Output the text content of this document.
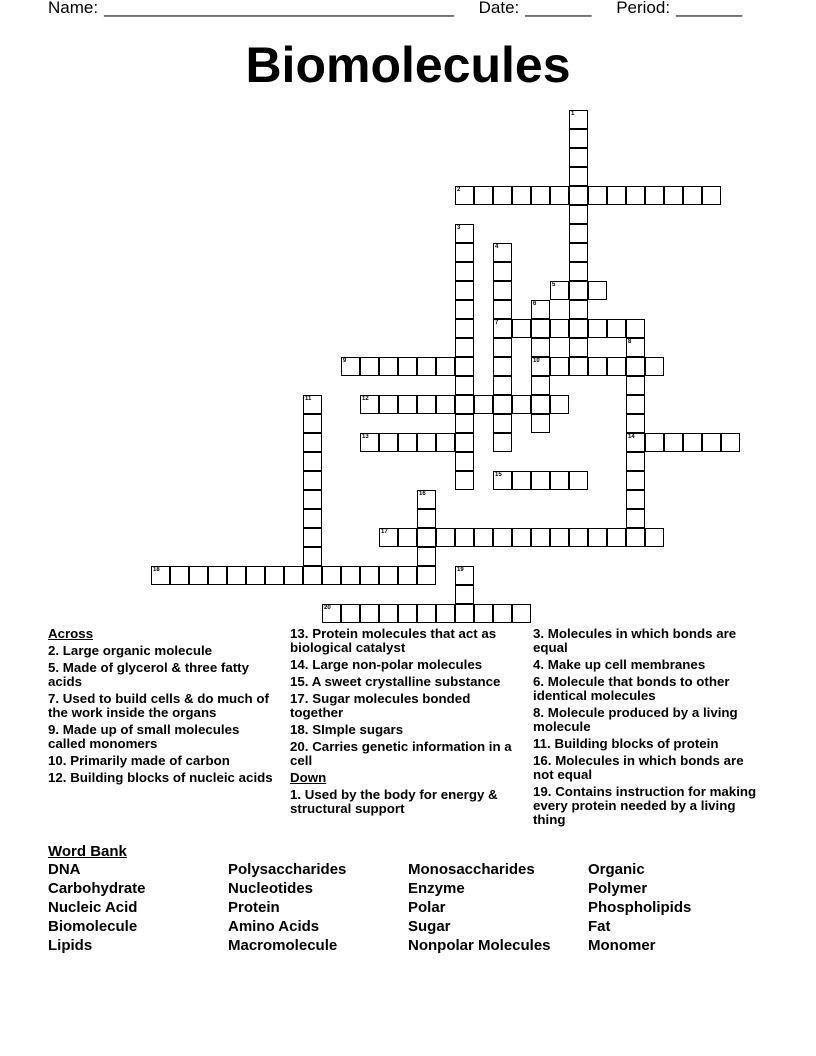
Name: _____________________________________ Date: _______ Period: _______
Biomolecules
1
2
3
4
7
5
6
10
8
14
9
11	12
13
15
16
17
18	19
20
Across
2. Large organic molecule
5. Made of glycerol & three fatty acids
7. Used to build cells & do much of the work inside the organs
9. Made up of small molecules called monomers
10. Primarily made of carbon
12. Building blocks of nucleic acids
13. Protein molecules that act as biological catalyst
14. Large non-polar molecules
15. A sweet crystalline substance
17. Sugar molecules bonded together
18. SImple sugars
20. Carries genetic information in a cell
Down
1. Used by the body for energy & structural support
3. Molecules in which bonds are equal
4. Make up cell membranes
6. Molecule that bonds to other identical molecules
8. Molecule produced by a living molecule
11. Building blocks of protein
16. Molecules in which bonds are not equal
19. Contains instruction for making every protein needed by a living thing
Word Bank
DNA	Polysaccharides	Monosaccharides	Organic
Carbohydrate	Nucleotides	Enzyme	Polymer
Nucleic Acid	Protein	Polar	Phospholipids
Biomolecule	Amino Acids	Sugar	Fat
Lipids	Macromolecule	Nonpolar Molecules	Monomer
